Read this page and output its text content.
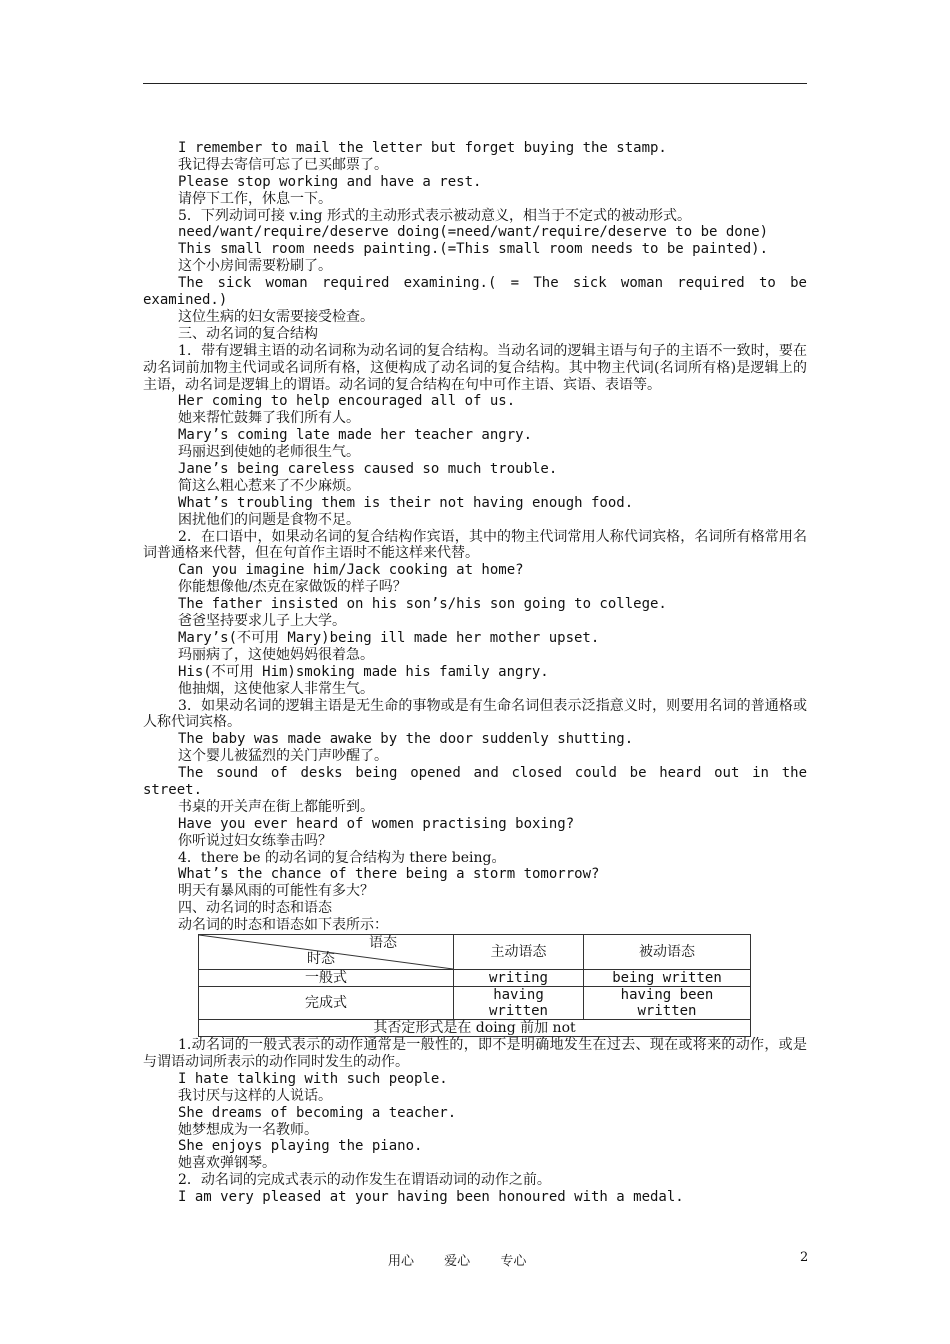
I remember to mail the letter but forget buying the stamp.
我记得去寄信可忘了已买邮票了。
Please stop working and have a rest.
请停下工作，休息一下。
5．下列动词可接 v.ing 形式的主动形式表示被动意义，相当于不定式的被动形式。
need/want/require/deserve doing(=need/want/require/deserve to be done)
This small room needs painting.(=This small room needs to be painted).
这个小房间需要粉刷了。
The sick woman required examining.( = The sick woman required to be examined.)
这位生病的妇女需要接受检查。
三、动名词的复合结构
1．带有逻辑主语的动名词称为动名词的复合结构。当动名词的逻辑主语与句子的主语不一致时，要在动名词前加物主代词或名词所有格，这便构成了动名词的复合结构。其中物主代词(名词所有格)是逻辑上的主语，动名词是逻辑上的谓语。动名词的复合结构在句中可作主语、宾语、表语等。
Her coming to help encouraged all of us.
她来帮忙鼓舞了我们所有人。
Mary’s coming late made her teacher angry.
玛丽迟到使她的老师很生气。
Jane’s being careless caused so much trouble.
简这么粗心惹来了不少麻烦。
What’s troubling them is their not having enough food.
困扰他们的问题是食物不足。
2．在口语中，如果动名词的复合结构作宾语，其中的物主代词常用人称代词宾格，名词所有格常用名词普通格来代替，但在句首作主语时不能这样来代替。
Can you imagine him/Jack cooking at home?
你能想像他/杰克在家做饭的样子吗？
The father insisted on his son’s/his son going to college.
爸爸坚持要求儿子上大学。
Mary’s(不可用 Mary)being ill made her mother upset.
玛丽病了，这使她妈妈很着急。
His(不可用 Him)smoking made his family angry.
他抽烟，这使他家人非常生气。
3．如果动名词的逻辑主语是无生命的事物或是有生命名词但表示泛指意义时，则要用名词的普通格或人称代词宾格。
The baby was made awake by the door suddenly shutting.
这个婴儿被猛烈的关门声吵醒了。
The sound of desks being opened and closed could be heard out in the street.
书桌的开关声在街上都能听到。
Have you ever heard of women practising boxing?
你听说过妇女练拳击吗？
4．there be 的动名词的复合结构为 there being。
What’s the chance of there being a storm tomorrow?
明天有暴风雨的可能性有多大？
四、动名词的时态和语态
动名词的时态和语态如下表所示：
语态
时态	主动语态	被动语态
一般式	writing	being written
完成式	having written	having been written
其否定形式是在 doing 前加 not		
1.动名词的一般式表示的动作通常是一般性的，即不是明确地发生在过去、现在或将来的动作，或是与谓语动词所表示的动作同时发生的动作。
I hate talking with such people.
我讨厌与这样的人说话。
She dreams of becoming a teacher.
她梦想成为一名教师。
She enjoys playing the piano.
她喜欢弹钢琴。
2．动名词的完成式表示的动作发生在谓语动词的动作之前。
I am very pleased at your having been honoured with a medal.
用心 爱心 专心	2
